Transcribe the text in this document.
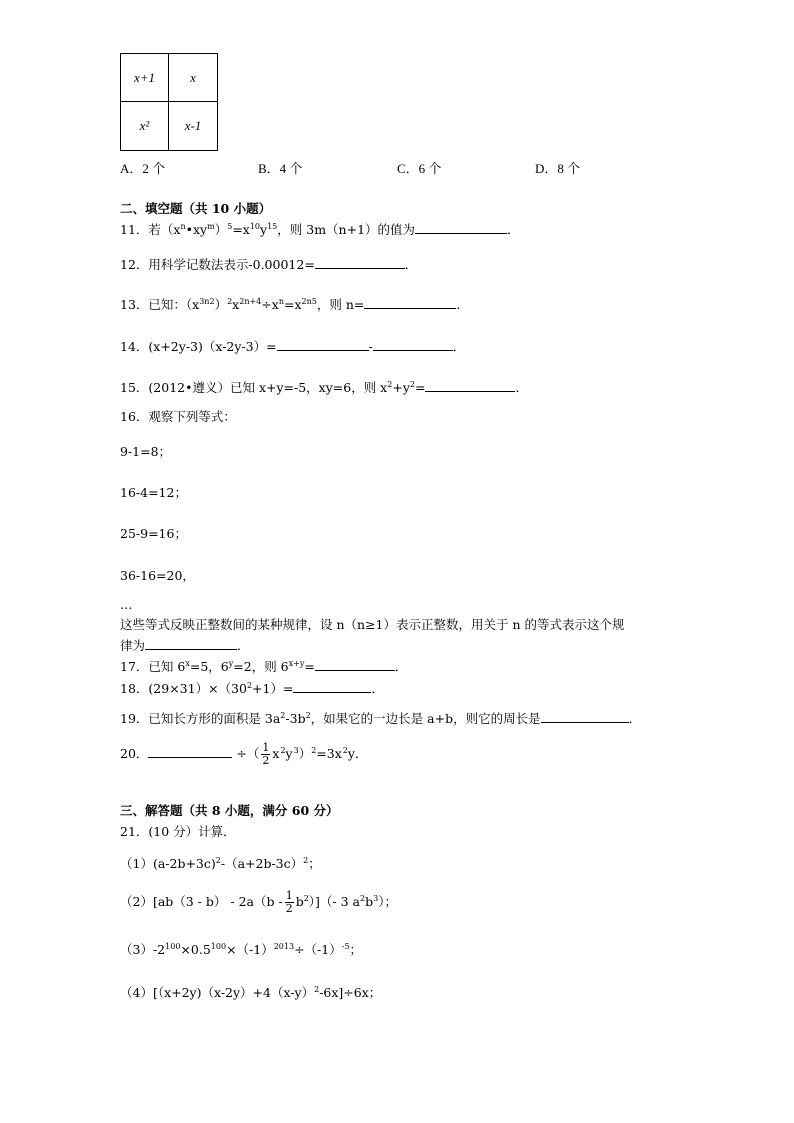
x+1	x
x²	x-1
A．2 个	B．4 个	C．6 个	D．8 个
二、填空题（共 10 小题）
11．若$(x^n•xy^m)^5=x^{10}y^{15}$，则 3m（n+1）的值为	．
12．用科学记数法表示-0.00012=	．
13．已知：$(x^{3n2})^2x^{2n+4}\div x^n=x^{2n5}$，则 n=	．
14．(x+2y-3)（x-2y-3）=	-	．
15．(2012•遵义）已知 x+y=-5，xy=6，则 $x^2+y^2=$	．
16．观察下列等式：
9-1=8；
16-4=12；
25-9=16；
36-16=20，
…
这些等式反映正整数间的某种规律，设 n（n≥1）表示正整数，用关于 n 的等式表示这个规
律为	．
17．已知 $6^x=5$，$6^y=2$，则 $6^{x+y}=$	．
18．$(29\times 31)\times(30^2+1)=$	．
19．已知长方形的面积是 $3a^2-3b^2$，如果它的一边长是 a+b，则它的周长是	．
20．	÷（ $\frac{1}{2} x^2y^3)^2=3x^2y$．
三、解答题（共 8 小题，满分 60 分）
21．(10 分）计算．
$(1)(a-2b+3c)^2-(a+2b-3c)^2$；
$(2)[ab(3 - b) - 2a(b - \frac{1}{2} b^2)](-$ 3 $a^2b^3$）；
$(3)-2^{100}\times 0.5^{100}\times(-1)^{2013}\div(-1)^{-5}$；
$(4)[(x+2y)(x-2y)+4(x-y)^2-6x]\div 6x$；
